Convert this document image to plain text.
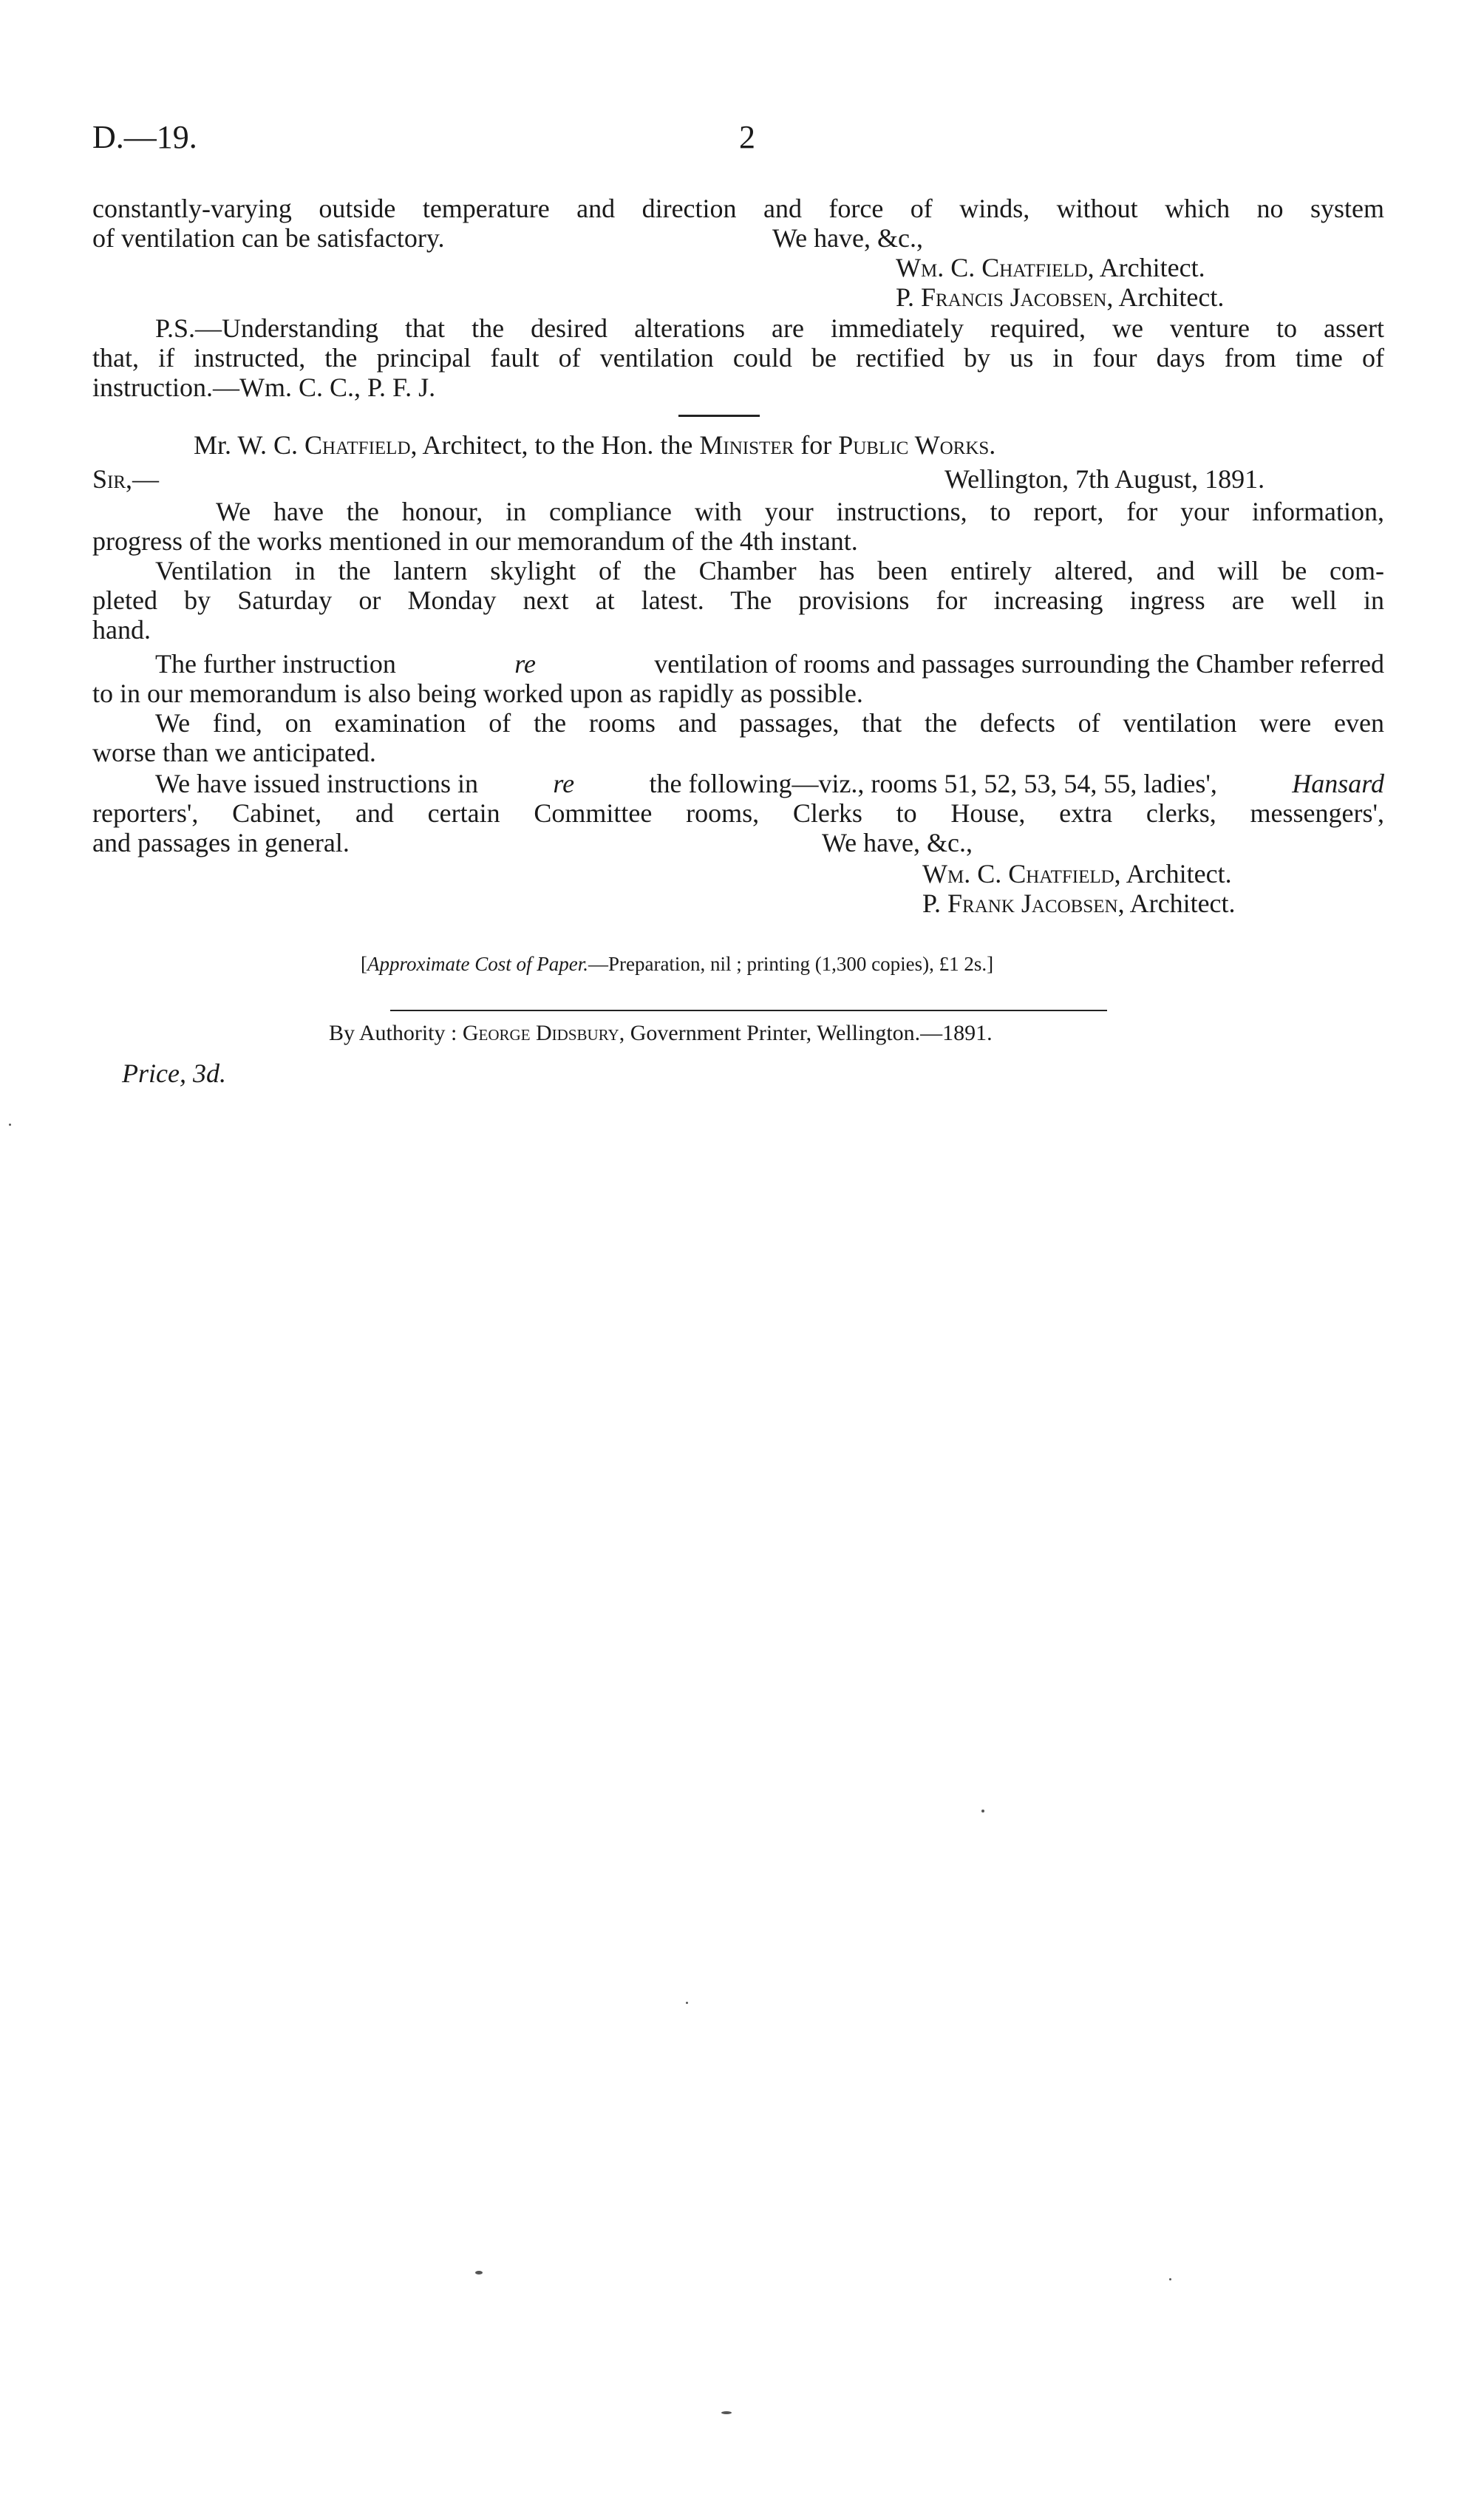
D.—19.	2
constantly-varying outside temperature and direction and force of winds, without which no system
of ventilation can be satisfactory.	We have, &c.,
Wm. C. Chatfield, Architect.
P. Francis Jacobsen, Architect.
P.S.—Understanding that the desired alterations are immediately required, we venture to assert
that, if instructed, the principal fault of ventilation could be rectified by us in four days from time of
instruction.—Wm. C. C., P. F. J.
Mr. W. C. Chatfield, Architect, to the Hon. the Minister for Public Works.
Sir,—	Wellington, 7th August, 1891.
We have the honour, in compliance with your instructions, to report, for your information,
progress of the works mentioned in our memorandum of the 4th instant.
Ventilation in the lantern skylight of the Chamber has been entirely altered, and will be com-
pleted by Saturday or Monday next at latest. The provisions for increasing ingress are well in
hand.
The further instruction	re	ventilation of rooms and passages surrounding the Chamber referred
to in our memorandum is also being worked upon as rapidly as possible.
We find, on examination of the rooms and passages, that the defects of ventilation were even
worse than we anticipated.
We have issued instructions in	re	the following—viz., rooms 51, 52, 53, 54, 55, ladies',	Hansard
reporters', Cabinet, and certain Committee rooms, Clerks to House, extra clerks, messengers',
and passages in general.	We have, &c.,
Wm. C. Chatfield, Architect.
P. Frank Jacobsen, Architect.
[Approximate Cost of Paper.—Preparation, nil ; printing (1,300 copies), £1 2s.]
By Authority : George Didsbury, Government Printer, Wellington.—1891.
Price, 3d.
